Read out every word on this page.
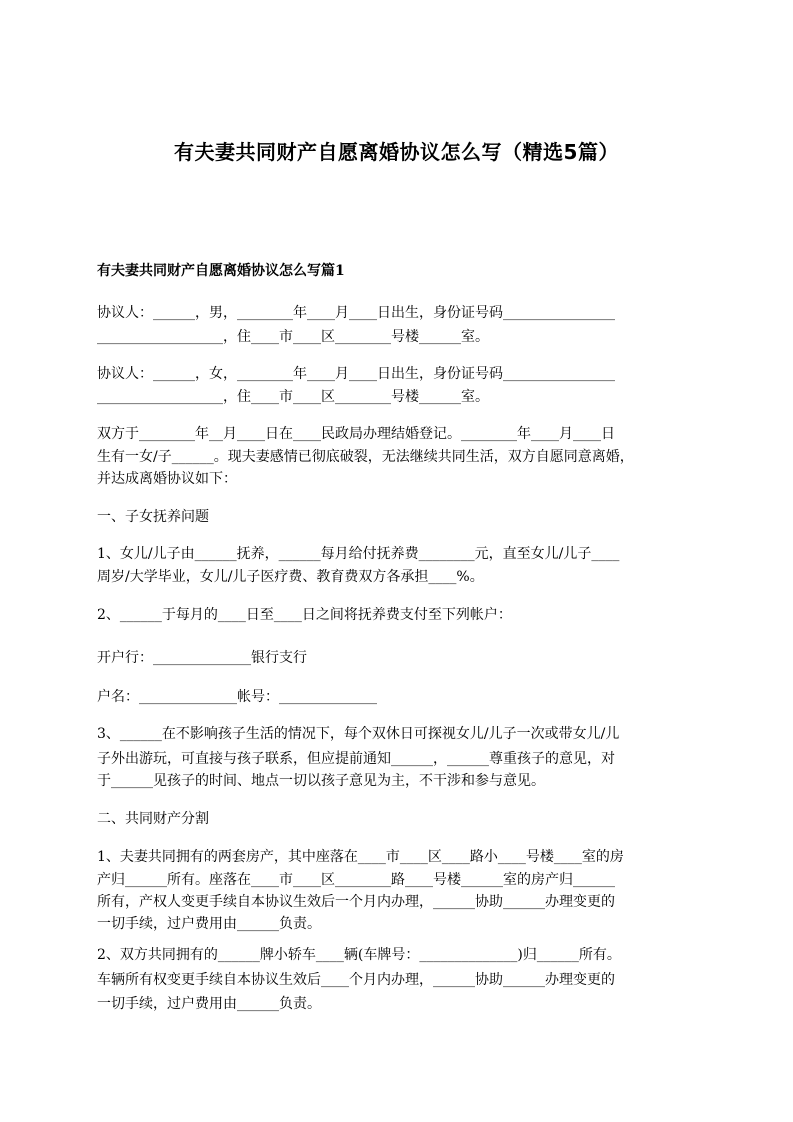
有夫妻共同财产自愿离婚协议怎么写（精选5篇）
有夫妻共同财产自愿离婚协议怎么写篇1
协议人：______，男，________年____月____日出生，身份证号码________________
__________________，住____市____区________号楼______室。
协议人：______，女，________年____月____日出生，身份证号码________________
__________________，住____市____区________号楼______室。
双方于________年__月____日在____民政局办理结婚登记。________年____月____日
生有一女/子______。现夫妻感情已彻底破裂，无法继续共同生活，双方自愿同意离婚，
并达成离婚协议如下：
一、子女抚养问题
1、女儿/儿子由______抚养，______每月给付抚养费________元，直至女儿/儿子____
周岁/大学毕业，女儿/儿子医疗费、教育费双方各承担____%。
2、______于每月的____日至____日之间将抚养费支付至下列帐户：
开户行：______________银行支行
户名：______________帐号：______________
3、______在不影响孩子生活的情况下，每个双休日可探视女儿/儿子一次或带女儿/儿
子外出游玩，可直接与孩子联系，但应提前通知______，______尊重孩子的意见，对
于______见孩子的时间、地点一切以孩子意见为主，不干涉和参与意见。
二、共同财产分割
1、夫妻共同拥有的两套房产，其中座落在____市____区____路小____号楼____室的房
产归______所有。座落在____市____区________路____号楼______室的房产归______
所有，产权人变更手续自本协议生效后一个月内办理，______协助______办理变更的
一切手续，过户费用由______负责。
2、双方共同拥有的______牌小轿车____辆(车牌号：______________)归______所有。
车辆所有权变更手续自本协议生效后____个月内办理，______协助______办理变更的
一切手续，过户费用由______负责。
